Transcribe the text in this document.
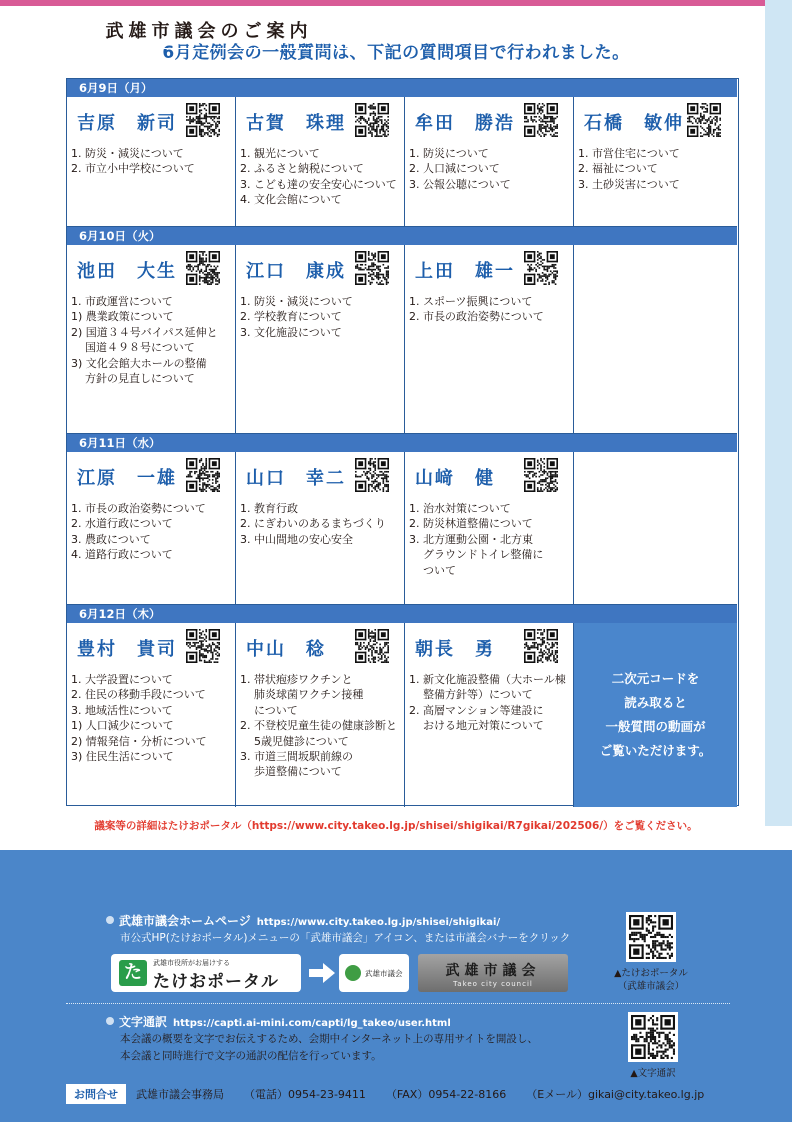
6月定例会の一般質問は、下記の質問項目で行われました。
6月9日（月）
吉原　新司
1. 防災・減災について
2. 市立小中学校について
古賀　珠理
1. 観光について
2. ふるさと納税について
3. こども達の安全安心について
4. 文化会館について
牟田　勝浩
1. 防災について
2. 人口減について
3. 公報公聴について
石橋　敏伸
1. 市営住宅について
2. 福祉について
3. 土砂災害について
6月10日（火）
池田　大生
1. 市政運営について
1) 農業政策について
2) 国道３４号バイパス延伸と
国道４９８号について
3) 文化会館大ホールの整備
方針の見直しについて
江口　康成
1. 防災・減災について
2. 学校教育について
3. 文化施設について
上田　雄一
1. スポーツ振興について
2. 市長の政治姿勢について
6月11日（水）
江原　一雄
1. 市長の政治姿勢について
2. 水道行政について
3. 農政について
4. 道路行政について
山口　幸二
1. 教育行政
2. にぎわいのあるまちづくり
3. 中山間地の安心安全
山﨑　健
1. 治水対策について
2. 防災林道整備について
3. 北方運動公園・北方東
グラウンドトイレ整備に
ついて
6月12日（木）
豊村　貴司
1. 大学設置について
2. 住民の移動手段について
3. 地域活性について
1) 人口減少について
2) 情報発信・分析について
3) 住民生活について
中山　稔
1. 帯状疱疹ワクチンと
肺炎球菌ワクチン接種
について
2. 不登校児童生徒の健康診断と
5歳児健診について
3. 市道三間坂駅前線の
歩道整備について
朝長　勇
1. 新文化施設整備（大ホール棟
整備方針等）について
2. 高層マンション等建設に
おける地元対策について
二次元コードを
読み取ると
一般質問の動画が
ご覧いただけます。
議案等の詳細はたけおポータル（https://www.city.takeo.lg.jp/shisei/shigikai/R7gikai/202506/）をご覧ください。
武雄市議会のご案内
武雄市議会ホームページ https://www.city.takeo.lg.jp/shisei/shigikai/
市公式HP(たけおポータル)メニューの「武雄市議会」アイコン、または市議会バナーをクリック
た	武雄市役所がお届けする
たけおポータル	武雄市議会	武雄市議会
Takeo city council
▲たけおポータル
（武雄市議会）
文字通訳 https://capti.ai-mini.com/capti/lg_takeo/user.html
本会議の概要を文字でお伝えするため、会期中インターネット上の専用サイトを開設し、
本会議と同時進行で文字の通訳の配信を行っています。
▲文字通訳
お問合せ 武雄市議会事務局 （電話）0954-23-9411 （FAX）0954-22-8166 （Eメール）gikai@city.takeo.lg.jp
